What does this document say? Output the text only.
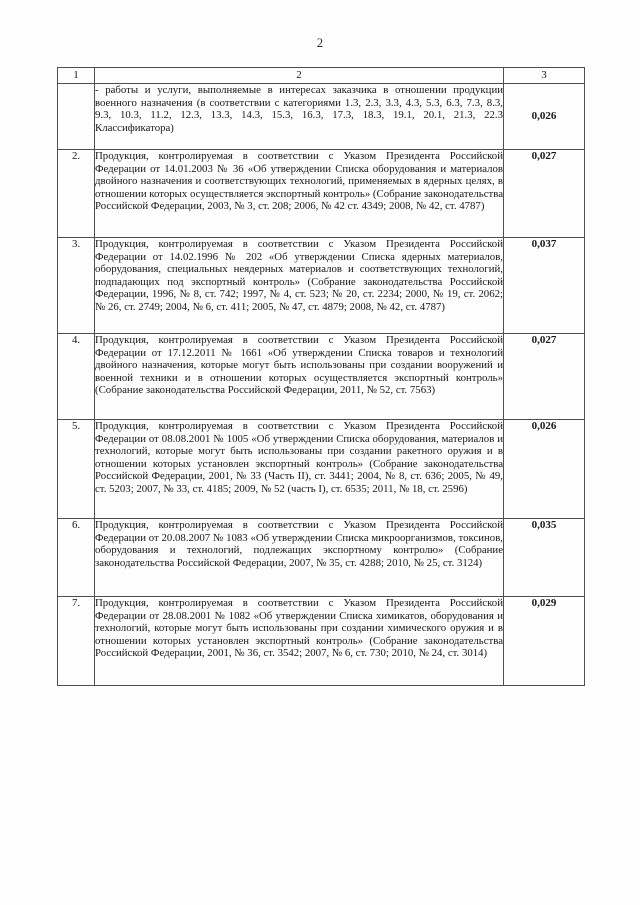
2
1	2	3
	- работы и услуги, выполняемые в интересах заказчика в отношении продукции военного назначения (в соответствии с категориями 1.3, 2.3, 3.3, 4.3, 5.3, 6.3, 7.3, 8.3, 9.3, 10.3, 11.2, 12.3, 13.3, 14.3, 15.3, 16.3, 17.3, 18.3, 19.1, 20.1, 21.3, 22.3 Классификатора)	0,026
2.	Продукция, контролируемая в соответствии с Указом Президента Российской Федерации от 14.01.2003 № 36 «Об утверждении Списка оборудования и материалов двойного назначения и соответствующих технологий, применяемых в ядерных целях, в отношении которых осуществляется экспортный контроль» (Собрание законодательства Российской Федерации, 2003, № 3, ст. 208; 2006, № 42 ст. 4349; 2008, № 42, ст. 4787)	0,027
3.	Продукция, контролируемая в соответствии с Указом Президента Российской Федерации от 14.02.1996 № 202 «Об утверждении Списка ядерных материалов, оборудования, специальных неядерных материалов и соответствующих технологий, подпадающих под экспортный контроль» (Собрание законодательства Российской Федерации, 1996, № 8, ст. 742; 1997, № 4, ст. 523; № 20, ст. 2234; 2000, № 19, ст. 2062; № 26, ст. 2749; 2004, № 6, ст. 411; 2005, № 47, ст. 4879; 2008, № 42, ст. 4787)	0,037
4.	Продукция, контролируемая в соответствии с Указом Президента Российской Федерации от 17.12.2011 № 1661 «Об утверждении Списка товаров и технологий двойного назначения, которые могут быть использованы при создании вооружений и военной техники и в отношении которых осуществляется экспортный контроль» (Собрание законодательства Российской Федерации, 2011, № 52, ст. 7563)	0,027
5.	Продукция, контролируемая в соответствии с Указом Президента Российской Федерации от 08.08.2001 № 1005 «Об утверждении Списка оборудования, материалов и технологий, которые могут быть использованы при создании ракетного оружия и в отношении которых установлен экспортный контроль» (Собрание законодательства Российской Федерации, 2001, № 33 (Часть II), ст. 3441; 2004, № 8, ст. 636; 2005, № 49, ст. 5203; 2007, № 33, ст. 4185; 2009, № 52 (часть I), ст. 6535; 2011, № 18, ст. 2596)	0,026
6.	Продукция, контролируемая в соответствии с Указом Президента Российской Федерации от 20.08.2007 № 1083 «Об утверждении Списка микроорганизмов, токсинов, оборудования и технологий, подлежащих экспортному контролю» (Собрание законодательства Российской Федерации, 2007, № 35, ст. 4288; 2010, № 25, ст. 3124)	0,035
7.	Продукция, контролируемая в соответствии с Указом Президента Российской Федерации от 28.08.2001 № 1082 «Об утверждении Списка химикатов, оборудования и технологий, которые могут быть использованы при создании химического оружия и в отношении которых установлен экспортный контроль» (Собрание законодательства Российской Федерации, 2001, № 36, ст. 3542; 2007, № 6, ст. 730; 2010, № 24, ст. 3014)	0,029
